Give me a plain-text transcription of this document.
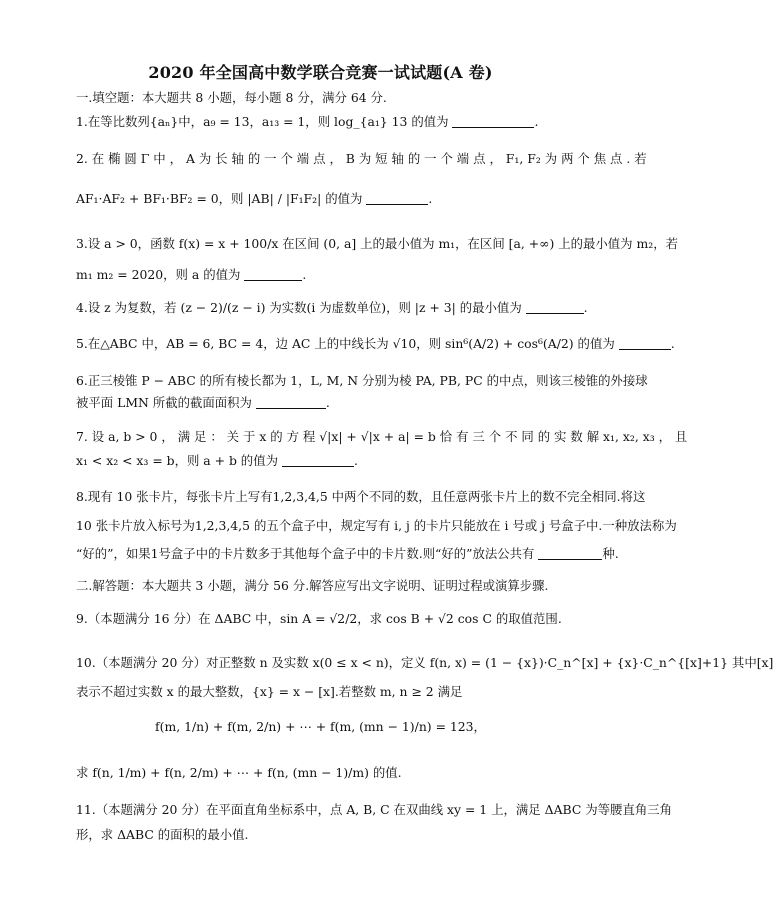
2020 年全国高中数学联合竞赛一试试题(A 卷)
一.填空题：本大题共 8 小题，每小题 8 分，满分 64 分.
1.在等比数列{aₙ}中，a₉ = 13，a₁₃ = 1，则 log_{a₁} 13 的值为	.
2. 在 椭 圆 Γ 中 ， A 为 长 轴 的 一 个 端 点 ， B 为 短 轴 的 一 个 端 点 ， F₁, F₂ 为 两 个 焦 点 . 若
AF₁·AF₂ + BF₁·BF₂ = 0，则 |AB| / |F₁F₂| 的值为	.
3.设 a > 0，函数 f(x) = x + 100/x 在区间 (0, a] 上的最小值为 m₁，在区间 [a, +∞) 上的最小值为 m₂，若
m₁ m₂ = 2020，则 a 的值为	.
4.设 z 为复数，若 (z − 2)/(z − i) 为实数(i 为虚数单位)，则 |z + 3| 的最小值为	.
5.在△ABC 中，AB = 6, BC = 4，边 AC 上的中线长为 √10，则 sin⁶(A/2) + cos⁶(A/2) 的值为	.
6.正三棱锥 P − ABC 的所有棱长都为 1，L, M, N 分别为棱 PA, PB, PC 的中点，则该三棱锥的外接球
被平面 LMN 所截的截面面积为	.
7. 设 a, b > 0 ， 满 足 ： 关 于 x 的 方 程 √|x| + √|x + a| = b 恰 有 三 个 不 同 的 实 数 解 x₁, x₂, x₃ ， 且
x₁ < x₂ < x₃ = b，则 a + b 的值为	.
8.现有 10 张卡片，每张卡片上写有1,2,3,4,5 中两个不同的数，且任意两张卡片上的数不完全相同.将这
10 张卡片放入标号为1,2,3,4,5 的五个盒子中，规定写有 i, j 的卡片只能放在 i 号或 j 号盒子中.一种放法称为
“好的”，如果1号盒子中的卡片数多于其他每个盒子中的卡片数.则“好的”放法公共有	种.
二.解答题：本大题共 3 小题，满分 56 分.解答应写出文字说明、证明过程或演算步骤.
9.（本题满分 16 分）在 ΔABC 中，sin A = √2/2，求 cos B + √2 cos C 的取值范围.
10.（本题满分 20 分）对正整数 n 及实数 x(0 ≤ x < n)，定义 f(n, x) = (1 − {x})·C_n^[x] + {x}·C_n^{[x]+1} 其中[x]
表示不超过实数 x 的最大整数，{x} = x − [x].若整数 m, n ≥ 2 满足
f(m, 1/n) + f(m, 2/n) + ⋯ + f(m, (mn − 1)/n) = 123，
求 f(n, 1/m) + f(n, 2/m) + ⋯ + f(n, (mn − 1)/m) 的值.
11.（本题满分 20 分）在平面直角坐标系中，点 A, B, C 在双曲线 xy = 1 上，满足 ΔABC 为等腰直角三角
形，求 ΔABC 的面积的最小值.
